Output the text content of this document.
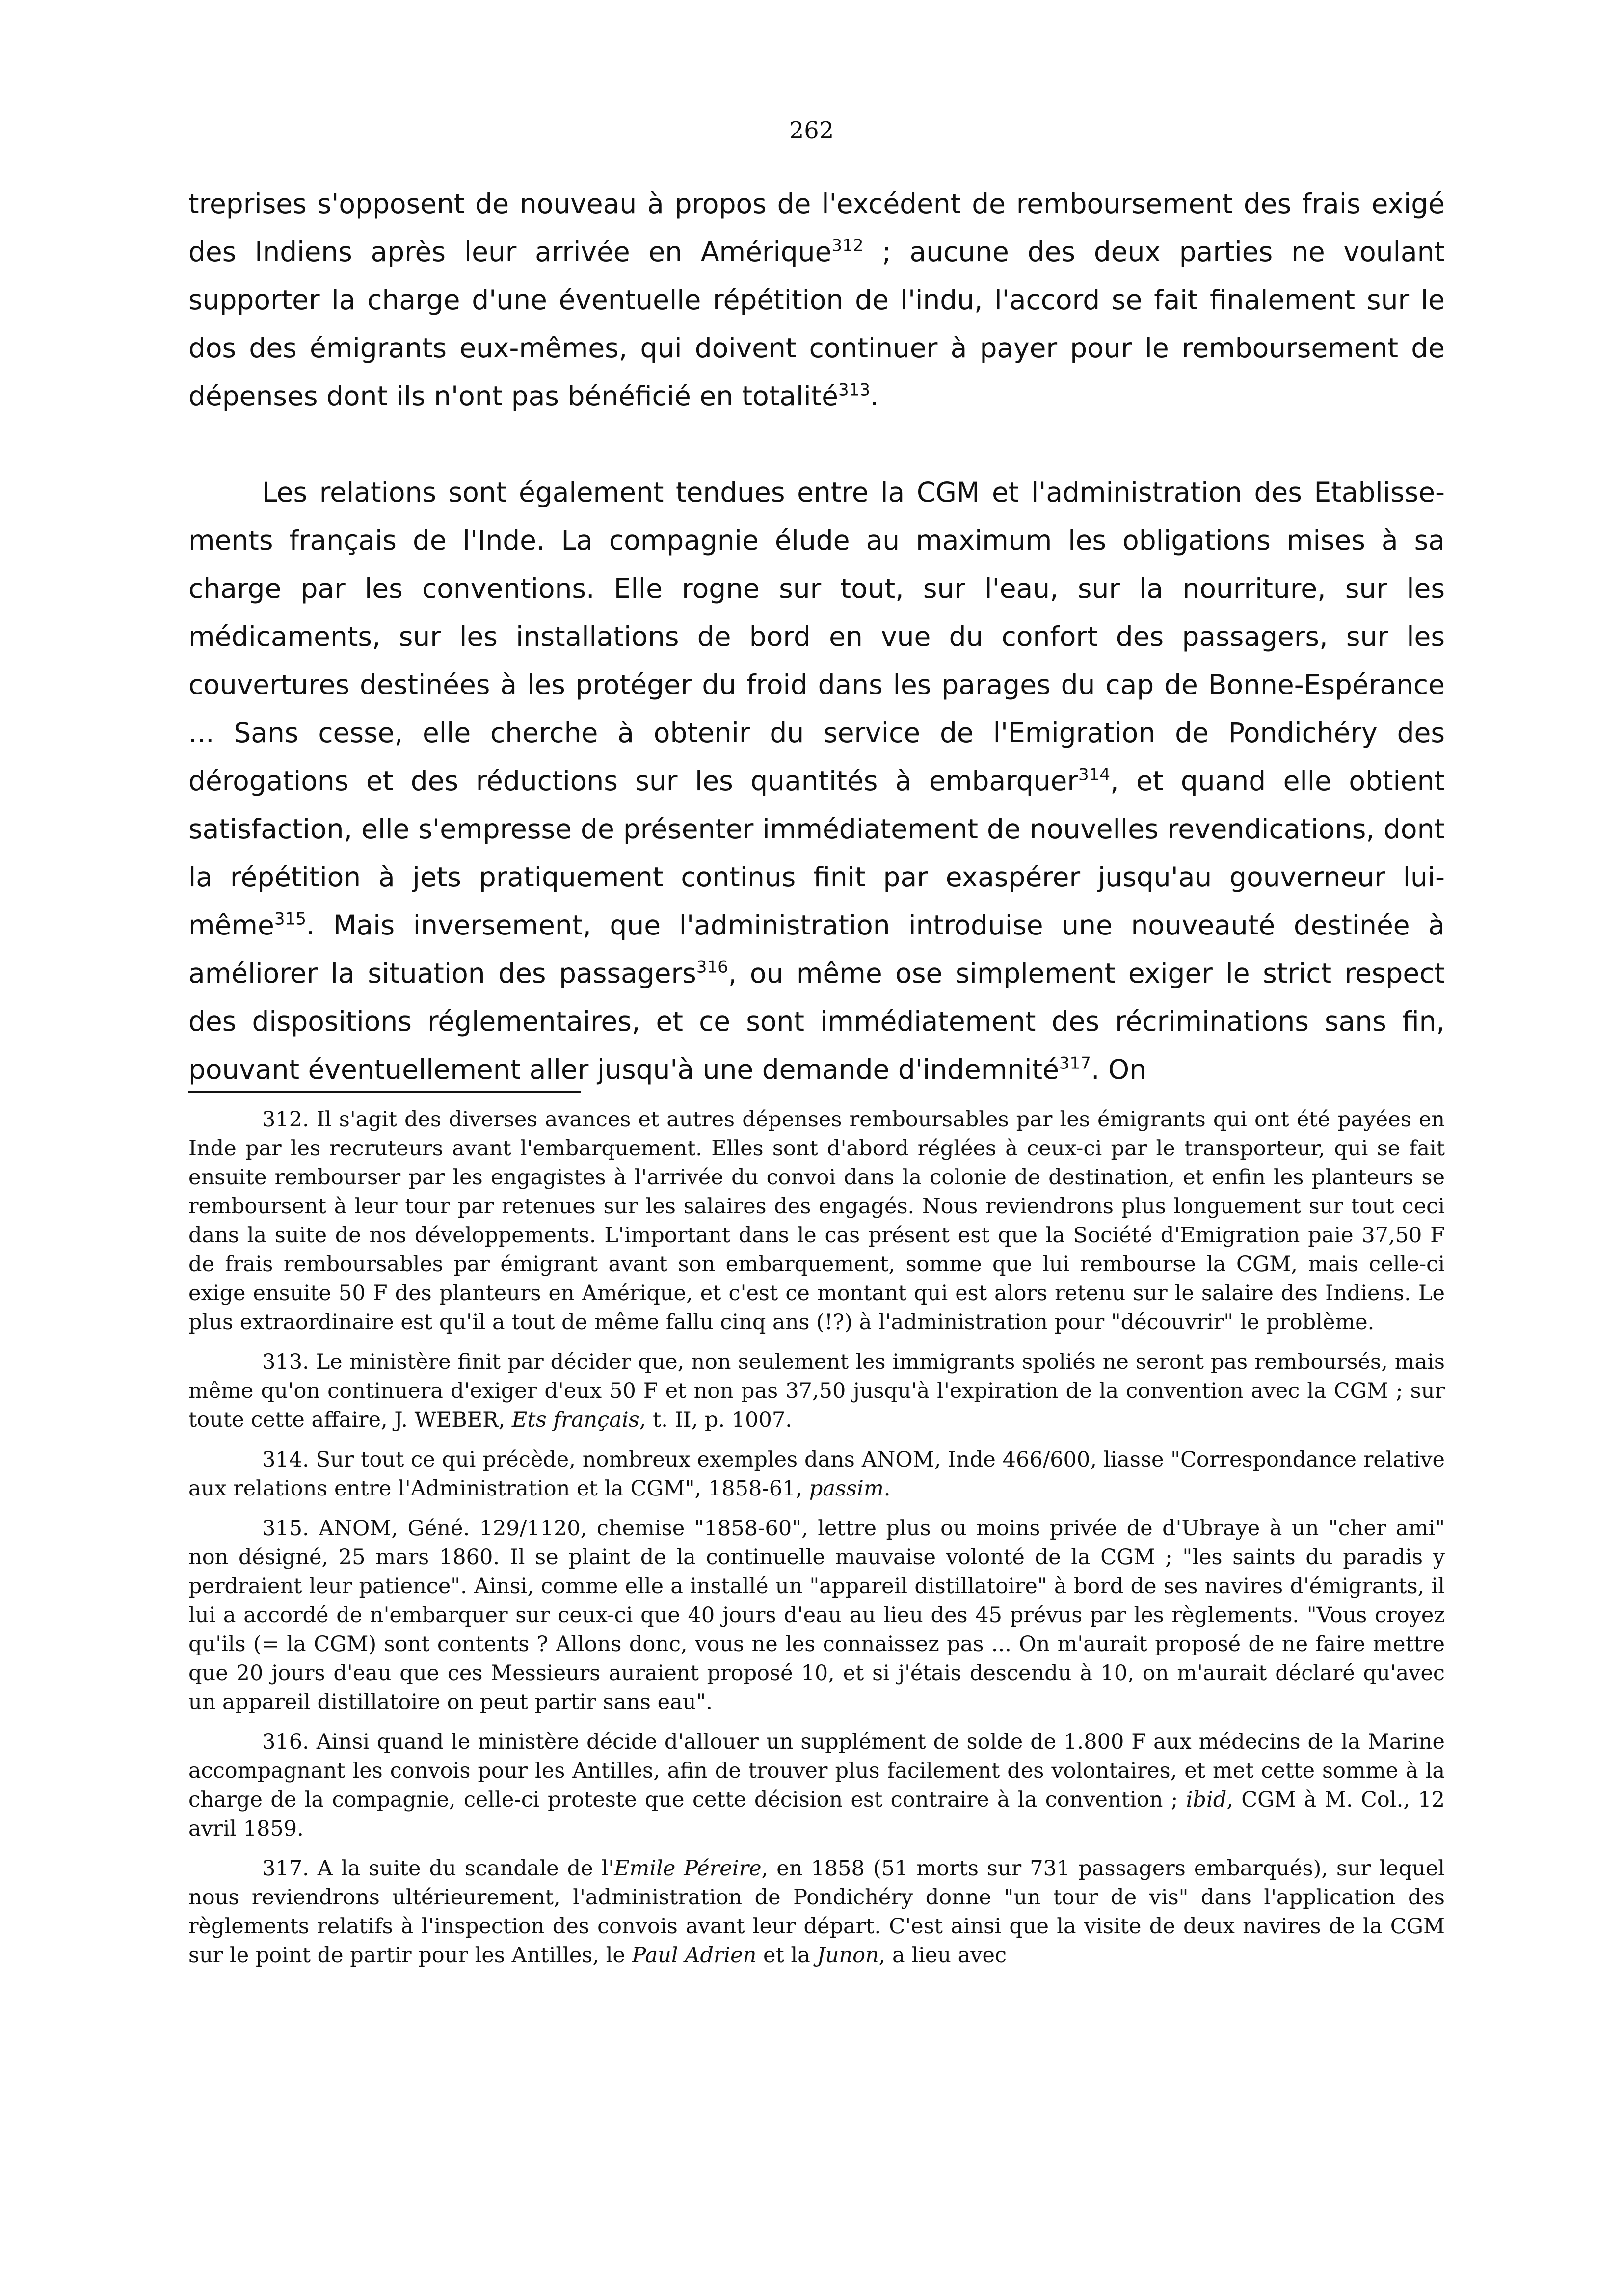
262

treprises s'opposent de nouveau à propos de l'excédent de remboursement des frais exigé des Indiens après leur arrivée en Amérique$^{312}$ ; aucune des deux parties ne voulant supporter la charge d'une éventuelle répétition de l'indu, l'accord se fait finalement sur le dos des émigrants eux-mêmes, qui doivent continuer à payer pour le remboursement de dépenses dont ils n'ont pas bénéficié en totalité$^{313}$.

Les relations sont également tendues entre la CGM et l'administration des Etablissements français de l'Inde. La compagnie élude au maximum les obligations mises à sa charge par les conventions. Elle rogne sur tout, sur l'eau, sur la nourriture, sur les médicaments, sur les installations de bord en vue du confort des passagers, sur les couvertures destinées à les protéger du froid dans les parages du cap de Bonne-Espérance ... Sans cesse, elle cherche à obtenir du service de l'Emigration de Pondichéry des dérogations et des réductions sur les quantités à embarquer$^{314}$, et quand elle obtient satisfaction, elle s'empresse de présenter immédiatement de nouvelles revendications, dont la répétition à jets pratiquement continus finit par exaspérer jusqu'au gouverneur lui-même$^{315}$. Mais inversement, que l'administration introduise une nouveauté destinée à améliorer la situation des passagers$^{316}$, ou même ose simplement exiger le strict respect des dispositions réglementaires, et ce sont immédiatement des récriminations sans fin, pouvant éventuellement aller jusqu'à une demande d'indemnité$^{317}$. On

312. Il s'agit des diverses avances et autres dépenses remboursables par les émigrants qui ont été payées en Inde par les recruteurs avant l'embarquement. Elles sont d'abord réglées à ceux-ci par le transporteur, qui se fait ensuite rembourser par les engagistes à l'arrivée du convoi dans la colonie de destination, et enfin les planteurs se remboursent à leur tour par retenues sur les salaires des engagés. Nous reviendrons plus longuement sur tout ceci dans la suite de nos développements. L'important dans le cas présent est que la Société d'Emigration paie 37,50 F de frais remboursables par émigrant avant son embarquement, somme que lui rembourse la CGM, mais celle-ci exige ensuite 50 F des planteurs en Amérique, et c'est ce montant qui est alors retenu sur le salaire des Indiens. Le plus extraordinaire est qu'il a tout de même fallu cinq ans (!?) à l'administration pour "découvrir" le problème.

313. Le ministère finit par décider que, non seulement les immigrants spoliés ne seront pas remboursés, mais même qu'on continuera d'exiger d'eux 50 F et non pas 37,50 jusqu'à l'expiration de la convention avec la CGM ; sur toute cette affaire, J. WEBER, Ets français, t. II, p. 1007.

314. Sur tout ce qui précède, nombreux exemples dans ANOM, Inde 466/600, liasse "Correspondance relative aux relations entre l'Administration et la CGM", 1858-61, passim.

315. ANOM, Géné. 129/1120, chemise "1858-60", lettre plus ou moins privée de d'Ubraye à un "cher ami" non désigné, 25 mars 1860. Il se plaint de la continuelle mauvaise volonté de la CGM ; "les saints du paradis y perdraient leur patience". Ainsi, comme elle a installé un "appareil distillatoire" à bord de ses navires d'émigrants, il lui a accordé de n'embarquer sur ceux-ci que 40 jours d'eau au lieu des 45 prévus par les règlements. "Vous croyez qu'ils (= la CGM) sont contents ? Allons donc, vous ne les connaissez pas ... On m'aurait proposé de ne faire mettre que 20 jours d'eau que ces Messieurs auraient proposé 10, et si j'étais descendu à 10, on m'aurait déclaré qu'avec un appareil distillatoire on peut partir sans eau".

316. Ainsi quand le ministère décide d'allouer un supplément de solde de 1.800 F aux médecins de la Marine accompagnant les convois pour les Antilles, afin de trouver plus facilement des volontaires, et met cette somme à la charge de la compagnie, celle-ci proteste que cette décision est contraire à la convention ; ibid, CGM à M. Col., 12 avril 1859.

317. A la suite du scandale de l'Emile Péreire, en 1858 (51 morts sur 731 passagers embarqués), sur lequel nous reviendrons ultérieurement, l'administration de Pondichéry donne "un tour de vis" dans l'application des règlements relatifs à l'inspection des convois avant leur départ. C'est ainsi que la visite de deux navires de la CGM sur le point de partir pour les Antilles, le Paul Adrien et la Junon, a lieu avec
